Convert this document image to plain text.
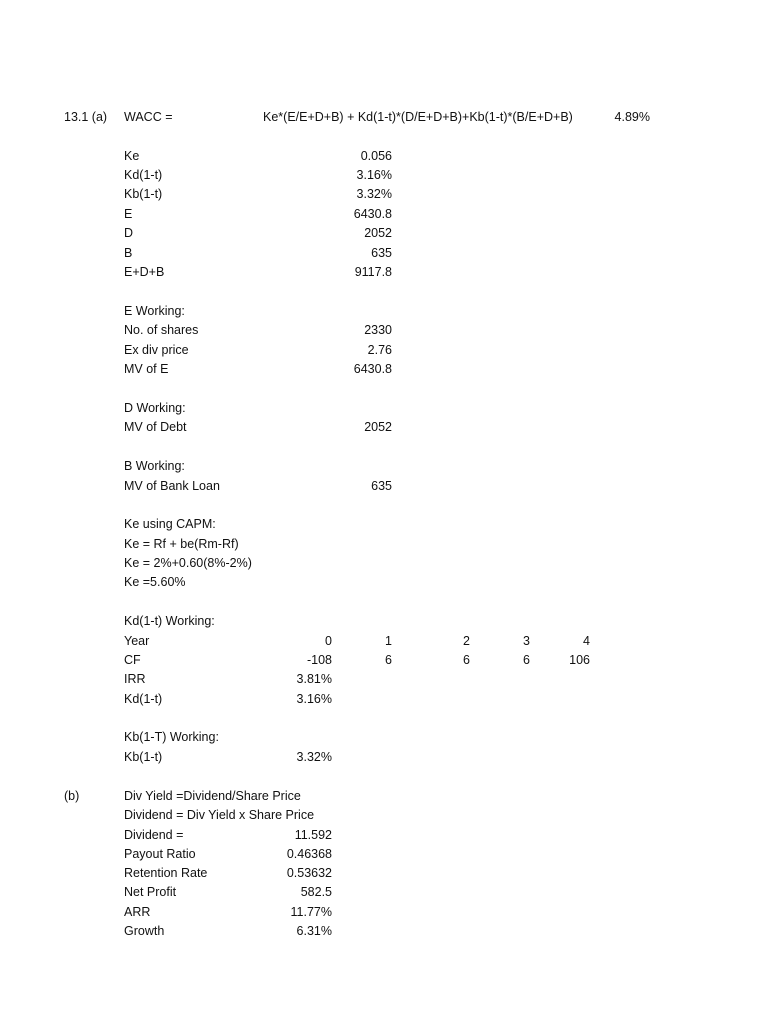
13.1 (a) WACC =	Ke*(E/E+D+B) + Kd(1-t)*(D/E+D+B)+Kb(1-t)*(B/E+D+B)	4.89%
Ke	0.056
Kd(1-t)	3.16%
Kb(1-t)	3.32%
E	6430.8
D	2052
B	635
E+D+B	9117.8
E Working:
No. of shares	2330
Ex div price	2.76
MV of E	6430.8
D Working:
MV of Debt	2052
B Working:
MV of Bank Loan	635
Ke using CAPM:
Ke = Rf + be(Rm-Rf)
Ke = 2%+0.60(8%-2%)
Ke =5.60%
Kd(1-t) Working:
Year	0	1	2	3	4
CF	-108	6	6	6	106
IRR	3.81%
Kd(1-t)	3.16%
Kb(1-T) Working:
Kb(1-t)	3.32%
(b)	Div Yield =Dividend/Share Price
Dividend = Div Yield x Share Price
Dividend =	11.592
Payout Ratio	0.46368
Retention Rate	0.53632
Net Profit	582.5
ARR	11.77%
Growth	6.31%
